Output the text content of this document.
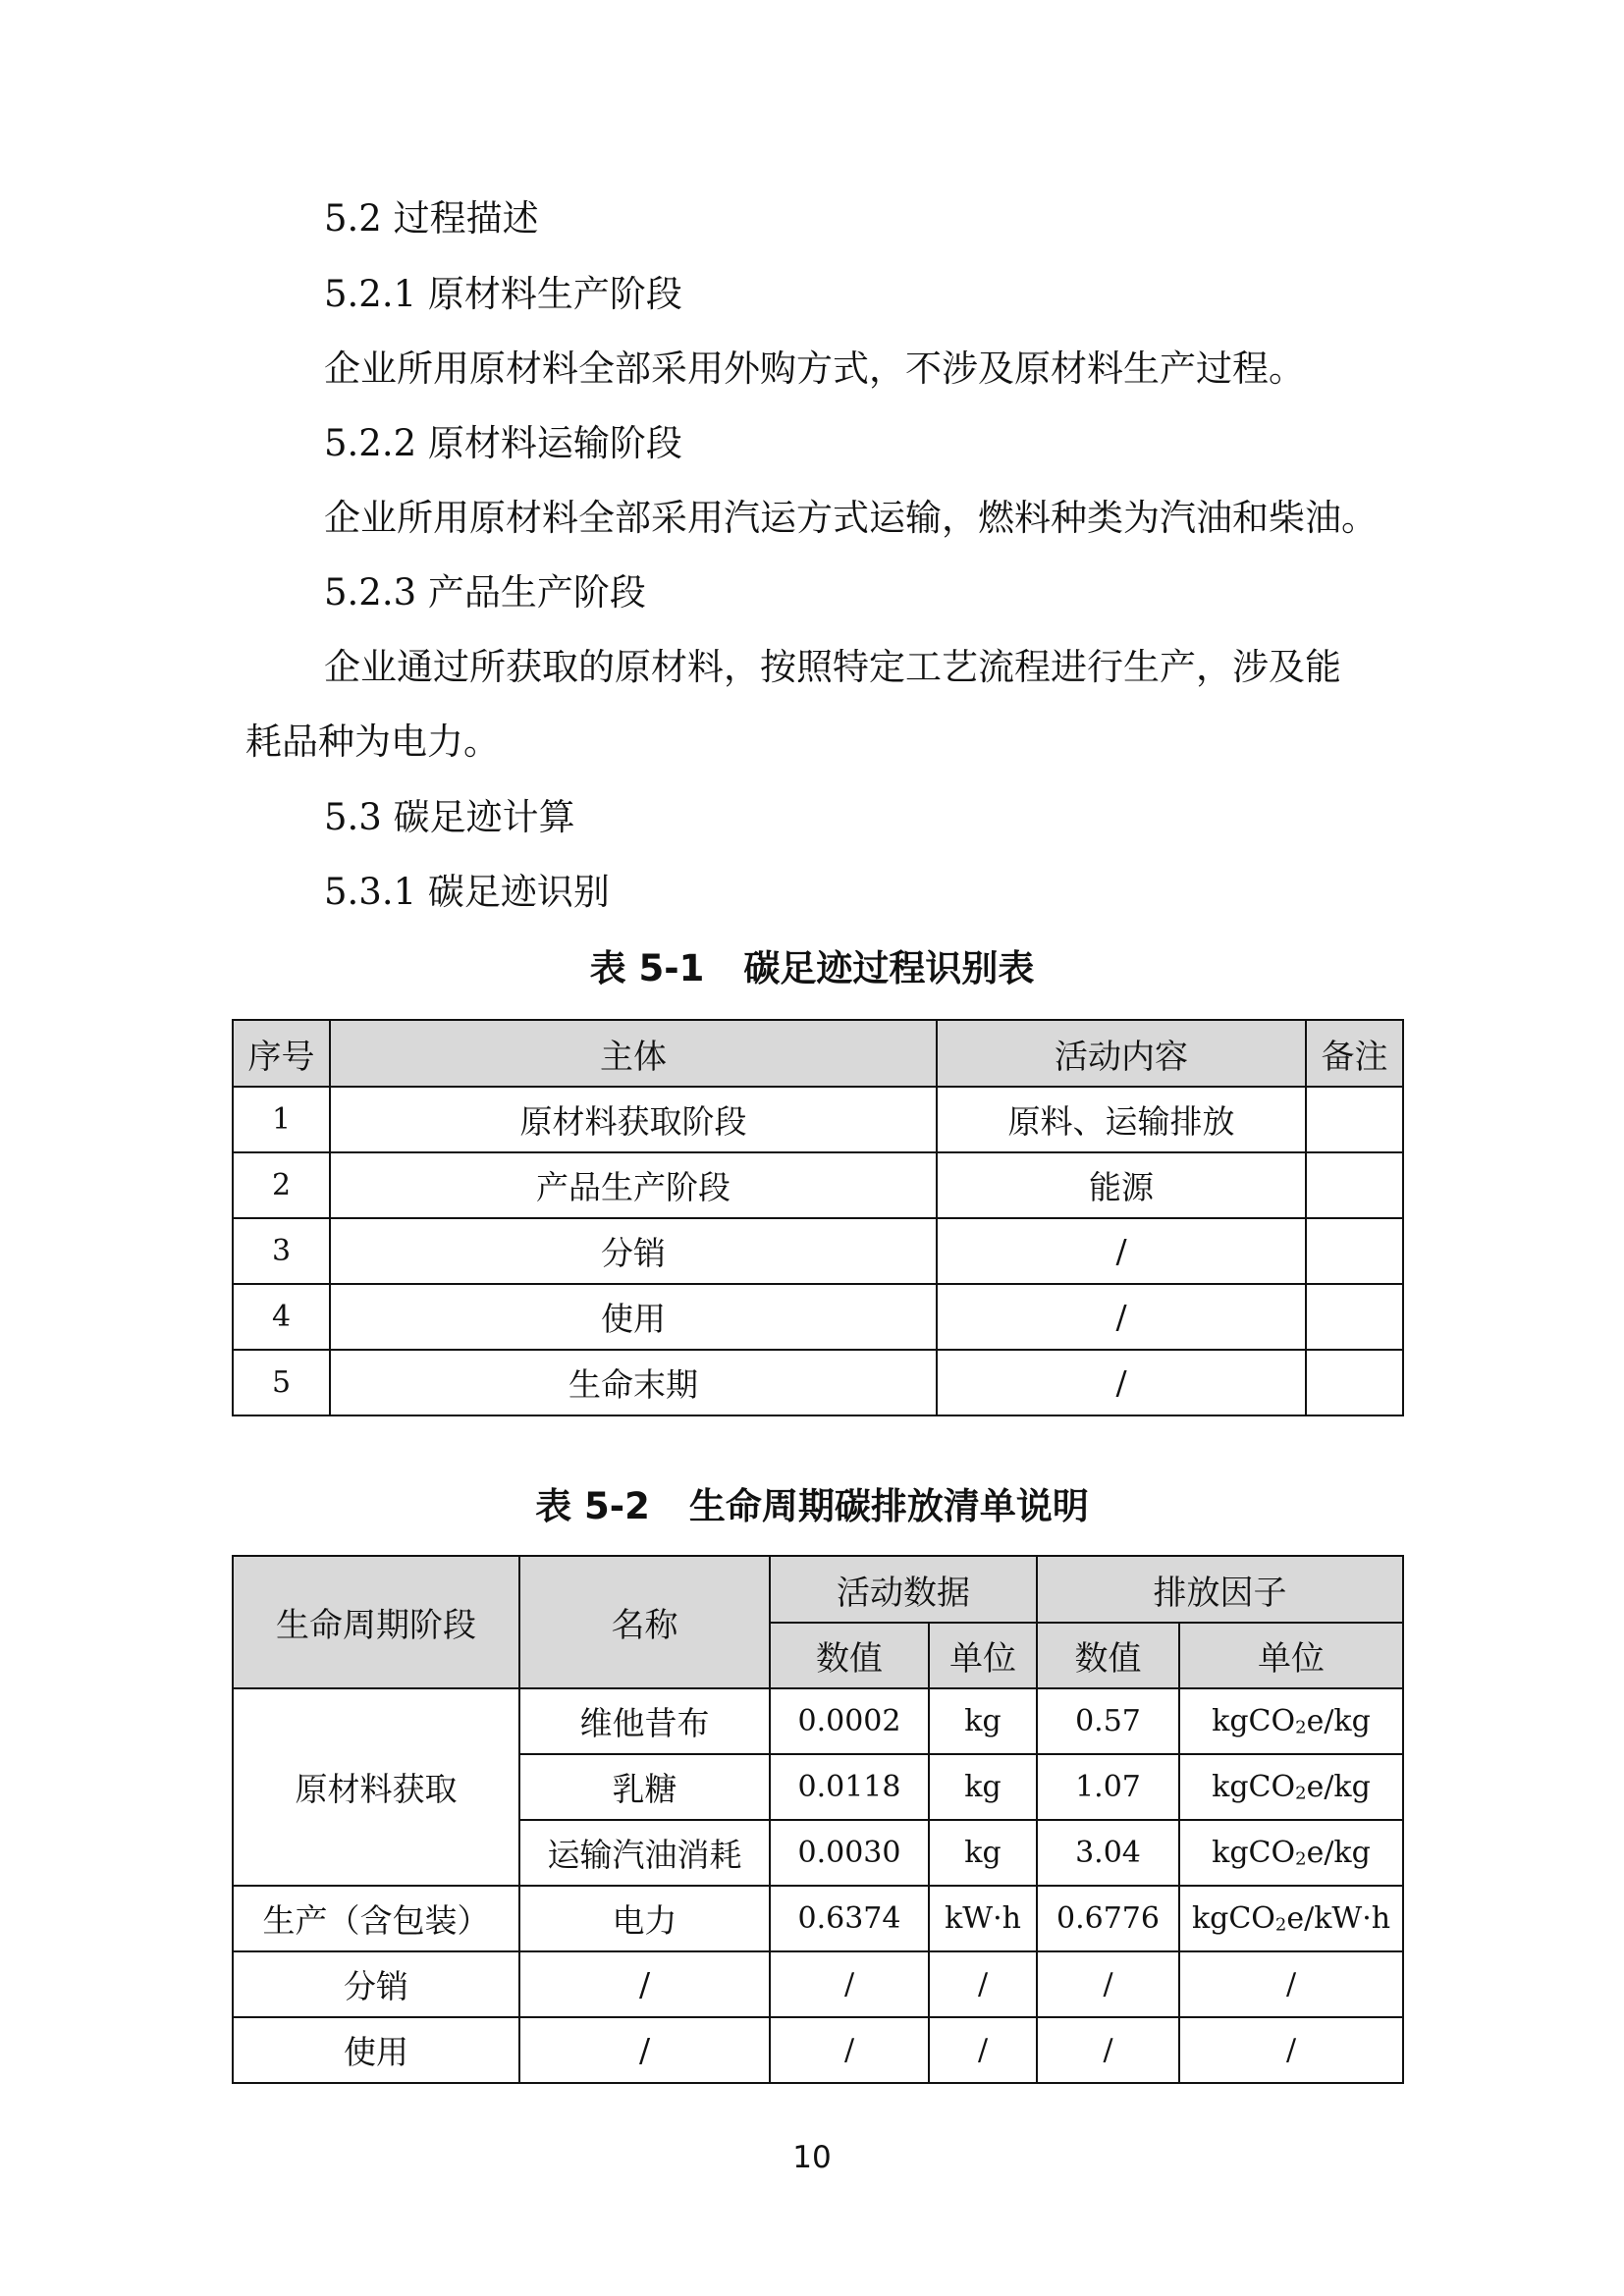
5.2 过程描述
5.2.1 原材料生产阶段
企业所用原材料全部采用外购方式，不涉及原材料生产过程。
5.2.2 原材料运输阶段
企业所用原材料全部采用汽运方式运输，燃料种类为汽油和柴油。
5.2.3 产品生产阶段
企业通过所获取的原材料，按照特定工艺流程进行生产，涉及能
耗品种为电力。
5.3 碳足迹计算
5.3.1 碳足迹识别
表 5-1 碳足迹过程识别表
序号	主体	活动内容	备注
1	原材料获取阶段	原料、运输排放	
2	产品生产阶段	能源	
3	分销	/	
4	使用	/	
5	生命末期	/	
表 5-2 生命周期碳排放清单说明
生命周期阶段	名称	活动数据		排放因子	
		数值	单位	数值	单位
原材料获取	维他昔布	0.0002	kg	0.57	kgCO$_2$e/kg
	乳糖	0.0118	kg	1.07	kgCO$_2$e/kg
	运输汽油消耗	0.0030	kg	3.04	kgCO$_2$e/kg
生产（含包装）	电力	0.6374	kW·h	0.6776	kgCO$_2$e/kW·h
分销	/	/	/	/	/
使用	/	/	/	/	/
10
